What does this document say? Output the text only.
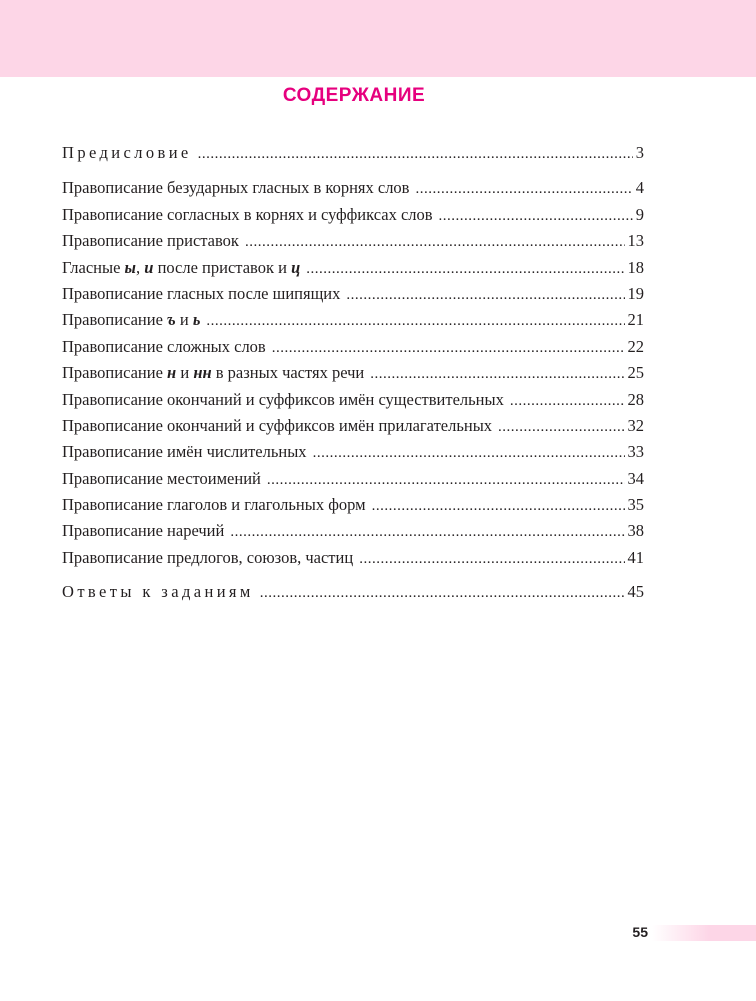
СОДЕРЖАНИЕ
Предисловие .....	3
Правописание безударных гласных в корнях слов .....	4
Правописание согласных в корнях и суффиксах слов .....	9
Правописание приставок .....	13
Гласные ы, и после приставок и ц .....	18
Правописание гласных после шипящих .....	19
Правописание ъ и ь .....	21
Правописание сложных слов .....	22
Правописание н и нн в разных частях речи .....	25
Правописание окончаний и суффиксов имён существительных .....	28
Правописание окончаний и суффиксов имён прилагательных .....	32
Правописание имён числительных .....	33
Правописание местоимений .....	34
Правописание глаголов и глагольных форм .....	35
Правописание наречий .....	38
Правописание предлогов, союзов, частиц .....	41
Ответы к заданиям .....	45
55
